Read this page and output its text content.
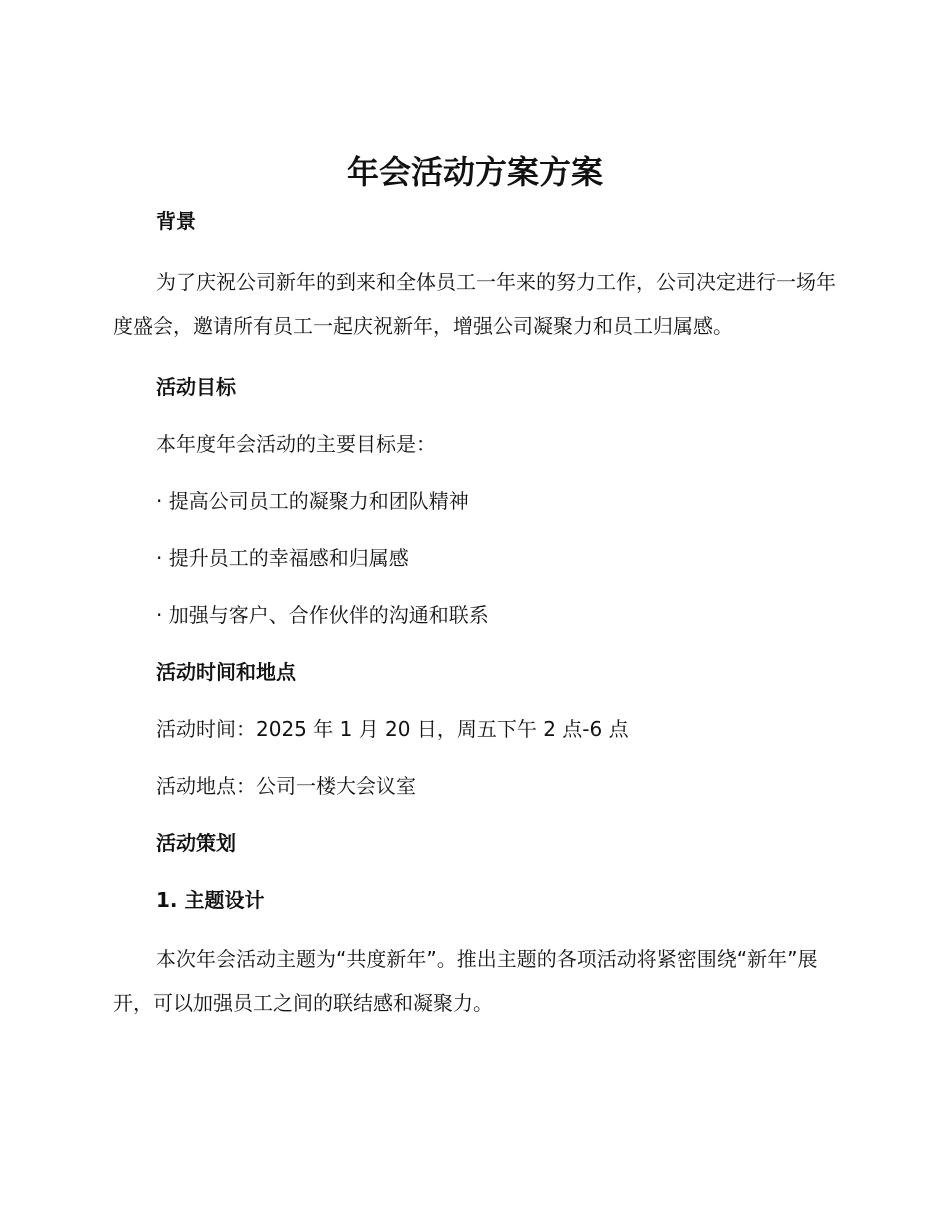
年会活动方案方案

背景

为了庆祝公司新年的到来和全体员工一年来的努力工作，公司决定进行一场年度盛会，邀请所有员工一起庆祝新年，增强公司凝聚力和员工归属感。

活动目标

本年度年会活动的主要目标是：

· 提高公司员工的凝聚力和团队精神

· 提升员工的幸福感和归属感

· 加强与客户、合作伙伴的沟通和联系

活动时间和地点

活动时间：2025 年 1 月 20 日，周五下午 2 点-6 点

活动地点：公司一楼大会议室

活动策划

1. 主题设计

本次年会活动主题为“共度新年”。推出主题的各项活动将紧密围绕“新年”展开，可以加强员工之间的联结感和凝聚力。
